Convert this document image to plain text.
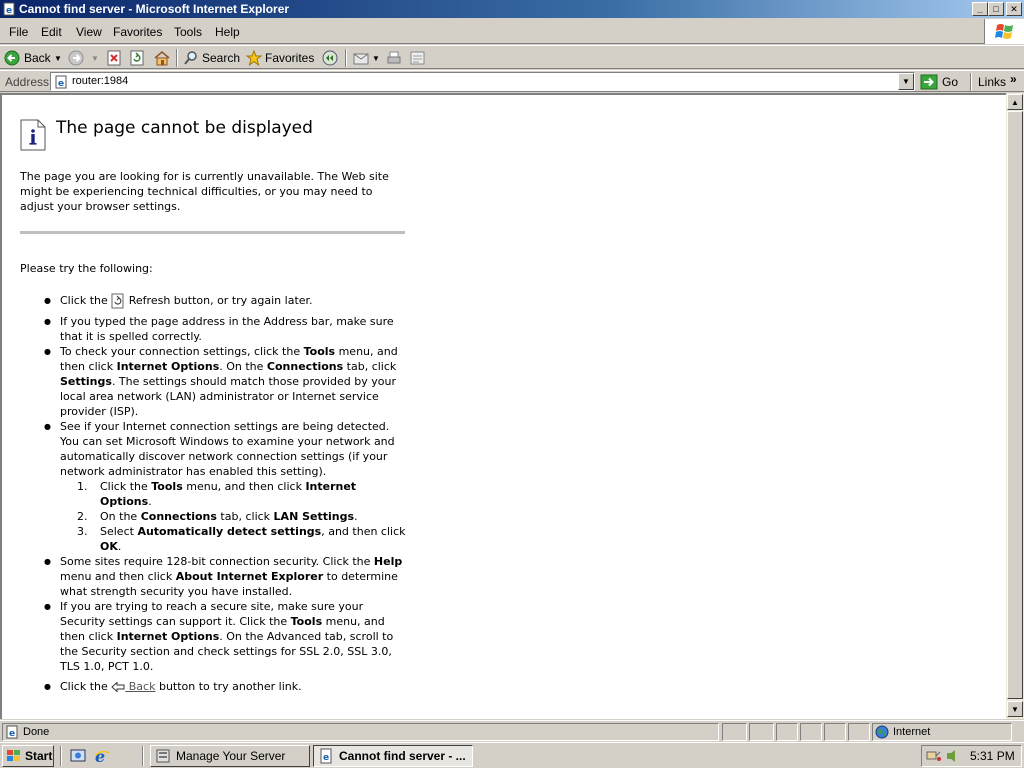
e Cannot find server - Microsoft Internet Explorer	_ □ ✕
File Edit View Favorites Tools Help
Back ▼	▼	Search Favorites	▼
Address e router:1984	▼	Go Links »
The page cannot be displayed
The page you are looking for is currently unavailable. The Web site might be experiencing technical difficulties, or you may need to adjust your browser settings.
Please try the following:
● Click the  Refresh button, or try again later.
● If you typed the page address in the Address bar, make sure that it is spelled correctly.
● To check your connection settings, click the Tools menu, and then click Internet Options. On the Connections tab, click Settings. The settings should match those provided by your local area network (LAN) administrator or Internet service provider (ISP).
● See if your Internet connection settings are being detected. You can set Microsoft Windows to examine your network and automatically discover network connection settings (if your network administrator has enabled this setting).
1. Click the Tools menu, and then click Internet Options.
2. On the Connections tab, click LAN Settings.
3. Select Automatically detect settings, and then click OK.
● Some sites require 128-bit connection security. Click the Help menu and then click About Internet Explorer to determine what strength security you have installed.
● If you are trying to reach a secure site, make sure your Security settings can support it. Click the Tools menu, and then click Internet Options. On the Advanced tab, scroll to the Security section and check settings for SSL 2.0, SSL 3.0, TLS 1.0, PCT 1.0.
● Click the  Back button to try another link.
▲
▼
e Done	Internet
Start	e	Manage Your Server	e Cannot find server - ...	5:31 PM
